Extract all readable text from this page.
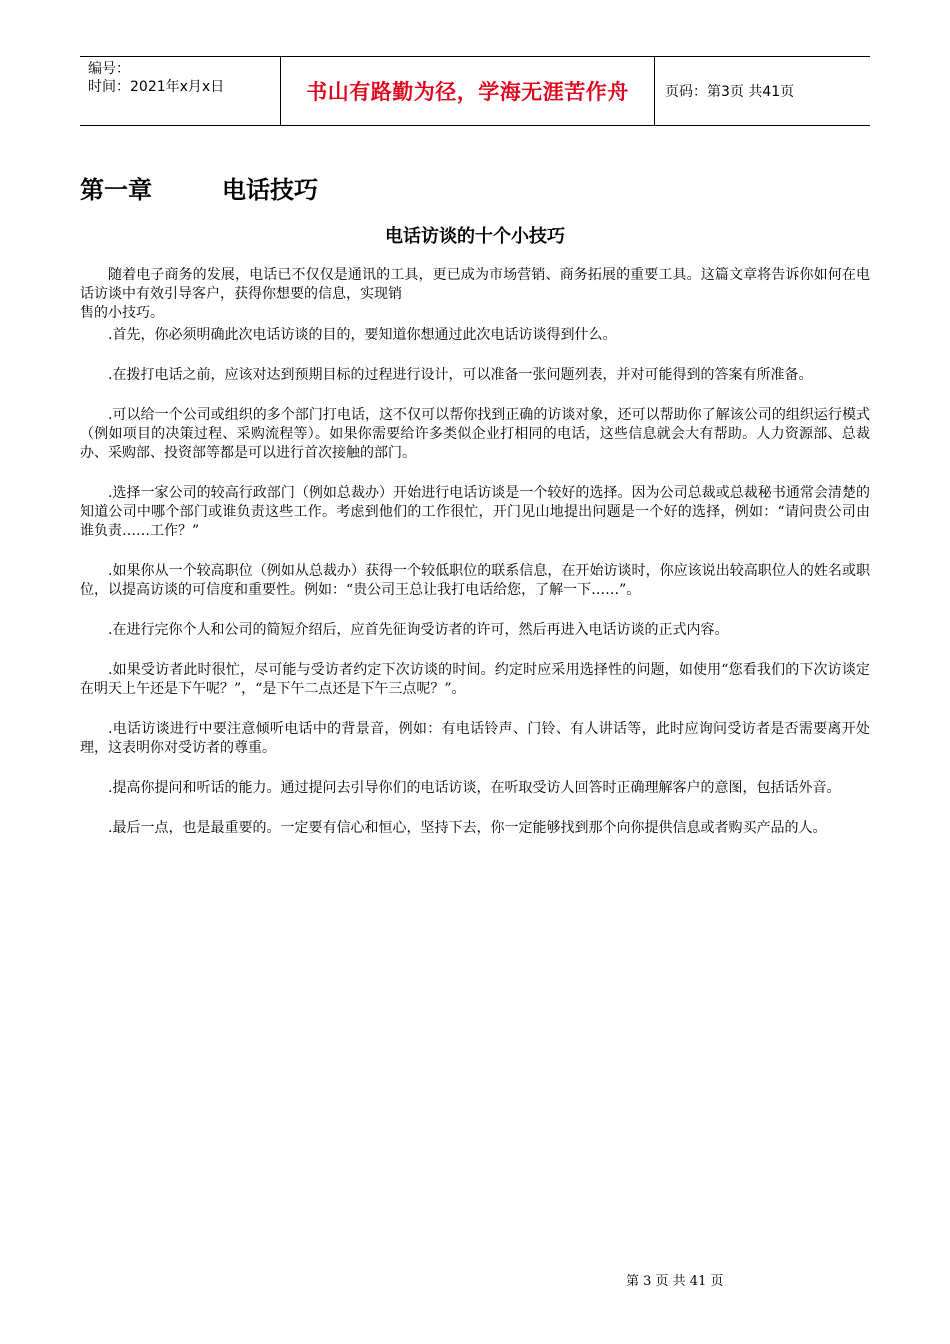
编号：
时间：2021年x月x日	书山有路勤为径，学海无涯苦作舟	页码：第3页 共41页
第一章	电话技巧
电话访谈的十个小技巧

随着电子商务的发展，电话已不仅仅是通讯的工具，更已成为市场营销、商务拓展的重要工具。这篇文章将告诉你如何在电话访谈中有效引导客户，获得你想要的信息，实现销

售的小技巧。

.首先，你必须明确此次电话访谈的目的，要知道你想通过此次电话访谈得到什么。

.在拨打电话之前，应该对达到预期目标的过程进行设计，可以准备一张问题列表，并对可能得到的答案有所准备。

.可以给一个公司或组织的多个部门打电话，这不仅可以帮你找到正确的访谈对象，还可以帮助你了解该公司的组织运行模式（例如项目的决策过程、采购流程等）。如果你需要给许多类似企业打相同的电话，这些信息就会大有帮助。人力资源部、总裁办、采购部、投资部等都是可以进行首次接触的部门。

.选择一家公司的较高行政部门（例如总裁办）开始进行电话访谈是一个较好的选择。因为公司总裁或总裁秘书通常会清楚的知道公司中哪个部门或谁负责这些工作。考虑到他们的工作很忙，开门见山地提出问题是一个好的选择，例如：“请问贵公司由谁负责……工作？”

.如果你从一个较高职位（例如从总裁办）获得一个较低职位的联系信息，在开始访谈时，你应该说出较高职位人的姓名或职位，以提高访谈的可信度和重要性。例如：“贵公司王总让我打电话给您，了解一下……”。

.在进行完你个人和公司的简短介绍后，应首先征询受访者的许可，然后再进入电话访谈的正式内容。

.如果受访者此时很忙，尽可能与受访者约定下次访谈的时间。约定时应采用选择性的问题，如使用“您看我们的下次访谈定在明天上午还是下午呢？”，“是下午二点还是下午三点呢？”。

.电话访谈进行中要注意倾听电话中的背景音，例如：有电话铃声、门铃、有人讲话等，此时应询问受访者是否需要离开处理，这表明你对受访者的尊重。

.提高你提问和听话的能力。通过提问去引导你们的电话访谈，在听取受访人回答时正确理解客户的意图，包括话外音。

.最后一点，也是最重要的。一定要有信心和恒心，坚持下去，你一定能够找到那个向你提供信息或者购买产品的人。

第 3 页 共 41 页
